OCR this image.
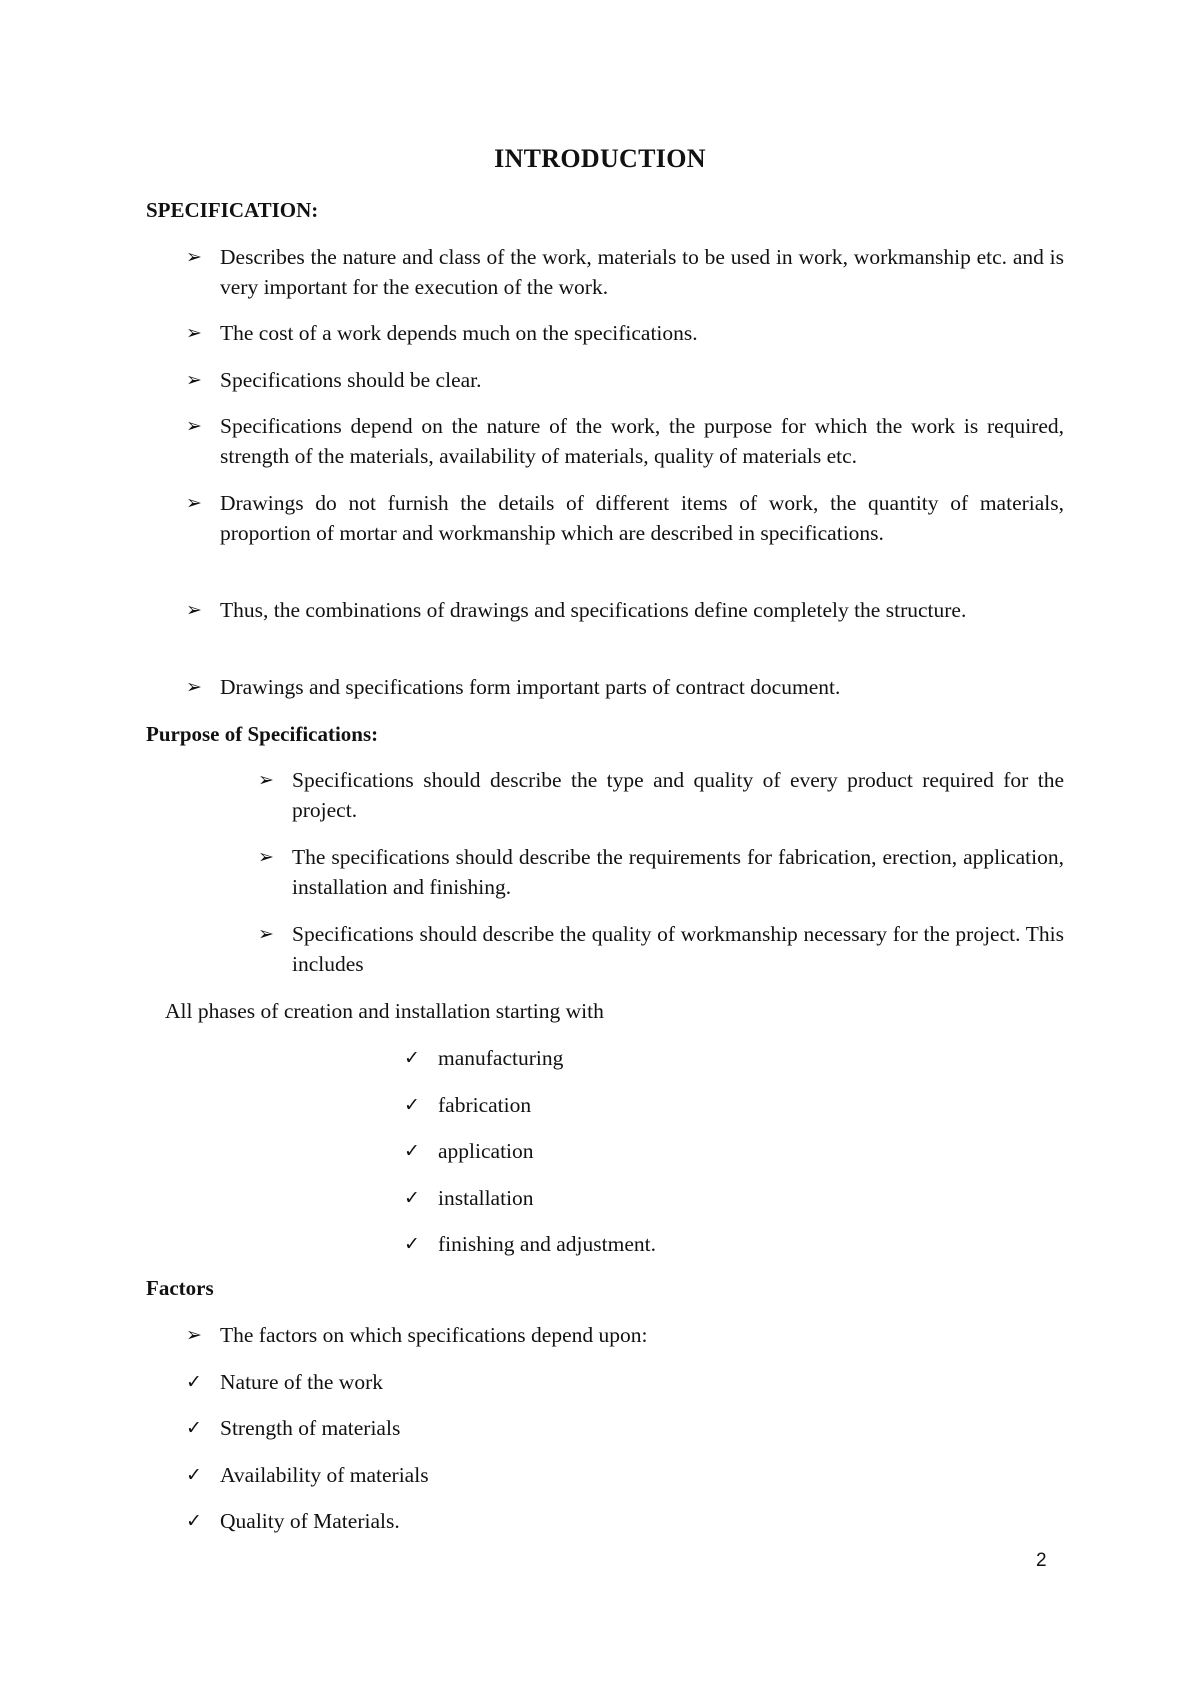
INTRODUCTION
SPECIFICATION:
➢ Describes the nature and class of the work, materials to be used in work, workmanship etc. and is very important for the execution of the work.
➢ The cost of a work depends much on the specifications.
➢ Specifications should be clear.
➢ Specifications depend on the nature of the work, the purpose for which the work is required, strength of the materials, availability of materials, quality of materials etc.
➢ Drawings do not furnish the details of different items of work, the quantity of materials, proportion of mortar and workmanship which are described in specifications.
➢ Thus, the combinations of drawings and specifications define completely the structure.
➢ Drawings and specifications form important parts of contract document.
Purpose of Specifications:
➢ Specifications should describe the type and quality of every product required for the project.
➢ The specifications should describe the requirements for fabrication, erection, application, installation and finishing.
➢ Specifications should describe the quality of workmanship necessary for the project. This includes
All phases of creation and installation starting with
✓ manufacturing
✓ fabrication
✓ application
✓ installation
✓ finishing and adjustment.
Factors
➢ The factors on which specifications depend upon:
✓ Nature of the work
✓ Strength of materials
✓ Availability of materials
✓ Quality of Materials.
2
